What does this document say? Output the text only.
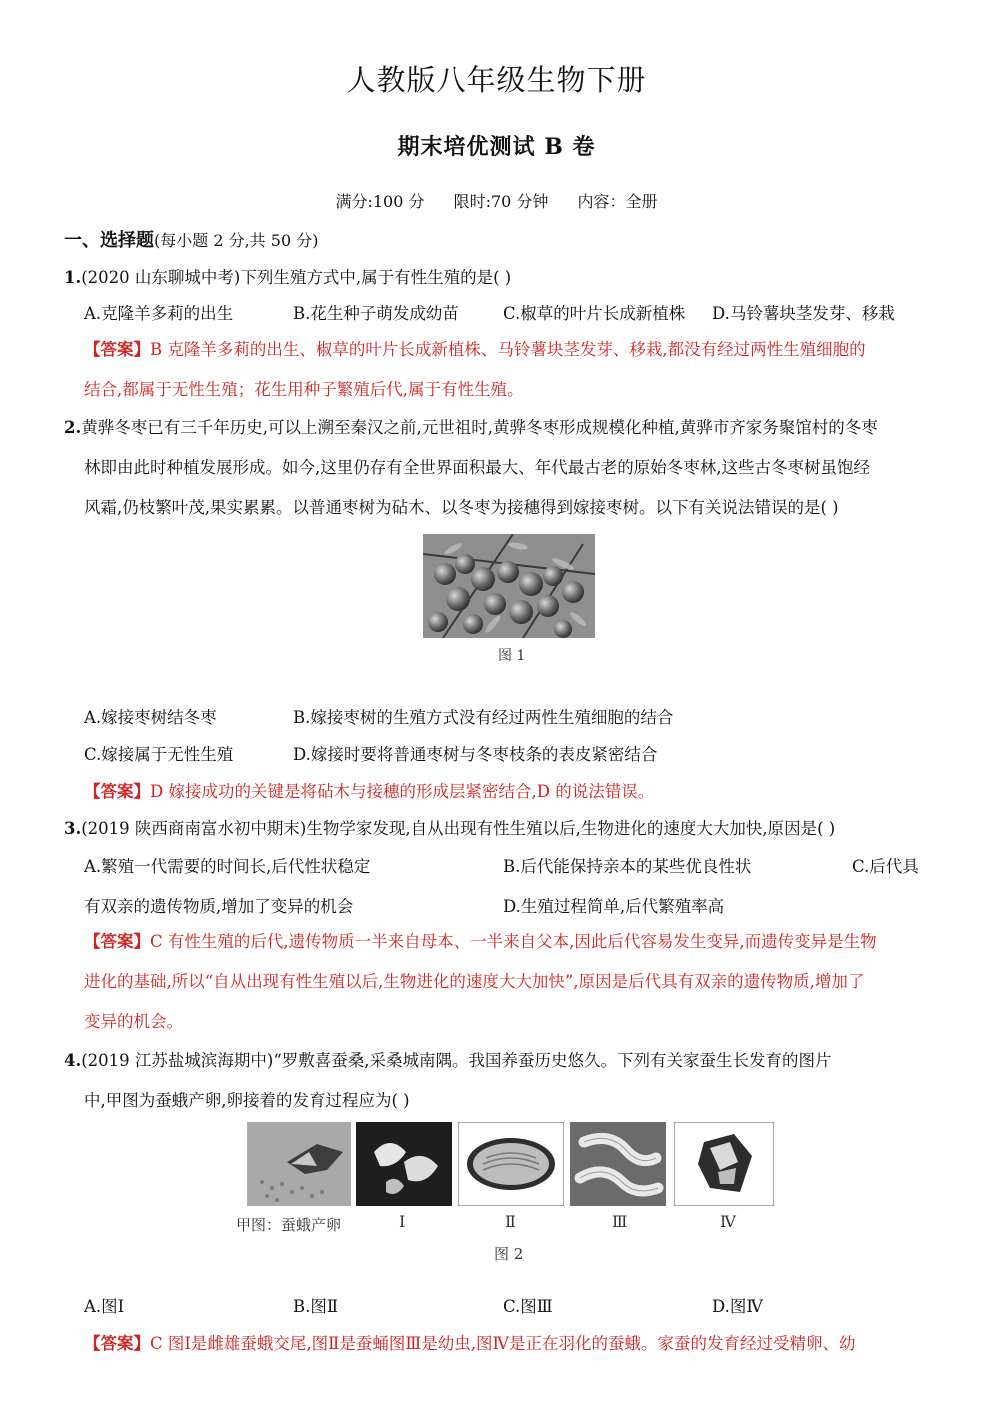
人教版八年级生物下册
期末培优测试 B 卷
满分:100 分 限时:70 分钟 内容：全册
一、选择题(每小题 2 分,共 50 分)
1.(2020 山东聊城中考)下列生殖方式中,属于有性生殖的是( )
A.克隆羊多莉的出生	B.花生种子萌发成幼苗	C.椒草的叶片长成新植株 D.马铃薯块茎发芽、移栽
【答案】B 克隆羊多莉的出生、椒草的叶片长成新植株、马铃薯块茎发芽、移栽,都没有经过两性生殖细胞的
结合,都属于无性生殖；花生用种子繁殖后代,属于有性生殖。
2.黄骅冬枣已有三千年历史,可以上溯至秦汉之前,元世祖时,黄骅冬枣形成规模化种植,黄骅市齐家务聚馆村的冬枣
林即由此时种植发展形成。如今,这里仍存有全世界面积最大、年代最古老的原始冬枣林,这些古冬枣树虽饱经
风霜,仍枝繁叶茂,果实累累。以普通枣树为砧木、以冬枣为接穗得到嫁接枣树。以下有关说法错误的是( )
图 1
A.嫁接枣树结冬枣	B.嫁接枣树的生殖方式没有经过两性生殖细胞的结合
C.嫁接属于无性生殖	D.嫁接时要将普通枣树与冬枣枝条的表皮紧密结合
【答案】D 嫁接成功的关键是将砧木与接穗的形成层紧密结合,D 的说法错误。
3.(2019 陕西商南富水初中期末)生物学家发现,自从出现有性生殖以后,生物进化的速度大大加快,原因是( )
A.繁殖一代需要的时间长,后代性状稳定	B.后代能保持亲本的某些优良性状	C.后代具
有双亲的遗传物质,增加了变异的机会	D.生殖过程简单,后代繁殖率高
【答案】C 有性生殖的后代,遗传物质一半来自母本、一半来自父本,因此后代容易发生变异,而遗传变异是生物
进化的基础,所以“自从出现有性生殖以后,生物进化的速度大大加快”,原因是后代具有双亲的遗传物质,增加了
变异的机会。
4.(2019 江苏盐城滨海期中)“罗敷喜蚕桑,采桑城南隅。我国养蚕历史悠久。下列有关家蚕生长发育的图片
中,甲图为蚕蛾产卵,卵接着的发育过程应为( )
甲图：蚕蛾产卵	Ⅰ	Ⅱ	Ⅲ	Ⅳ
图 2
A.图Ⅰ	B.图Ⅱ	C.图Ⅲ	D.图Ⅳ
【答案】C 图Ⅰ是雌雄蚕蛾交尾,图Ⅱ是蚕蛹图Ⅲ是幼虫,图Ⅳ是正在羽化的蚕蛾。家蚕的发育经过受精卵、幼
